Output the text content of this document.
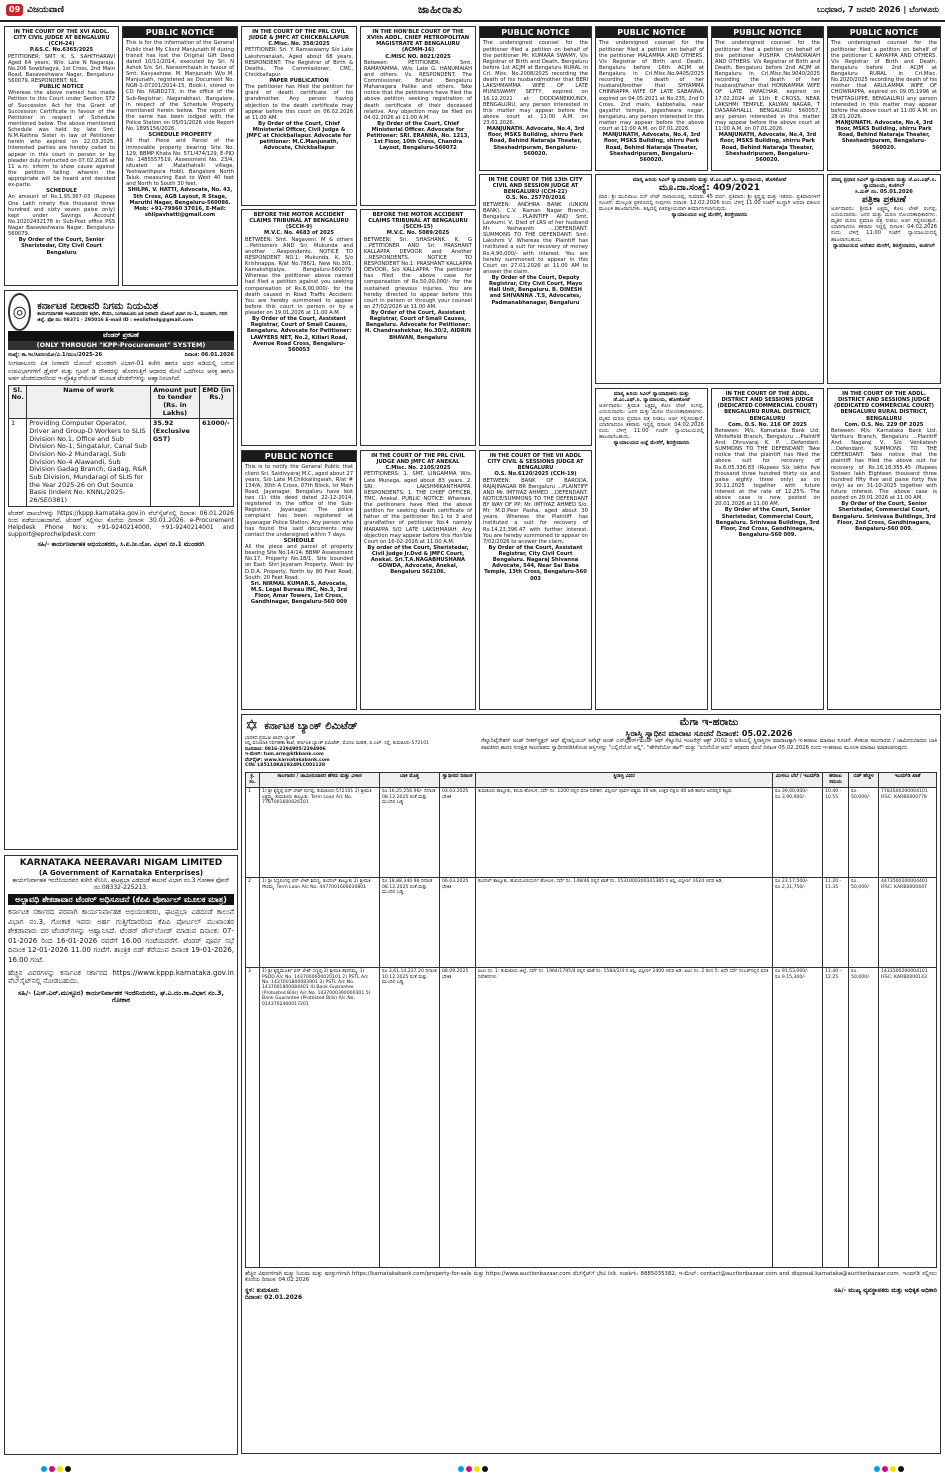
09 ವಿಜಯವಾಣಿ	ಜಾಹೀರಾತು	ಬುಧವಾರ, 7 ಜನವರಿ 2026 | ಬೆಂಗಳೂರು
IN THE COURT OF THE XVI ADDL. CITY CIVIL JUDGE AT BENGALURU (CCH-24)
P.&S.C. No.6365/2025
PETITIONER: SMT. K. S. SAHITHARAVI Aged 64 years, W/o. Late N Nagaraja, No.206 Sowbhagya, 1st Cross, 2nd Main Road, Basaveshwara Nagar, Bengaluru-560079. RESPONDENT: NIL
PUBLIC NOTICE
Whereas the above named has made Petition to this Court under Section 372 of Succession Act for the Grant of Succession Certificate in favour of the Petitioner in respect of Schedule mentioned below. The above mentioned Schedule was held by late Smt. N.M.Rathna Sister in law of Petitioner herein who expired on 22.03.2025. Interested parties are hereby called to appear in this court in person or by pleader duly instructed on 07.02.2026 at 11 a.m. inform to show cause against the petition failing wherein the appropriate will be heard and decided ex-parte.
SCHEDULE
An amount of Rs.1,95,367-03 (Rupees One Lakh ninety five thousand three hundred and sixty seven paise only) kept under Savings Account No.10202432178 in Sub-Post office PSS Nagar Basaveshwara Nagar, Bengaluru-560079.
By Order of the Court, Senior Sheristedar, City Civil Court Bengaluru
PUBLIC NOTICE
This is for the information of the General Public that My Client Manjunath M during transit has lost the Original Gift Deed dated 10/11/2014, executed by Sri. N Ashok S/o. Sri. Narasimhaiah in favour of Smt. Kavyashree. M. Manjunath W/o M. Manjunath, registered as Document No. NGB-1-07201/2014-15, Book-I, stored in CD No. NGBD273, in the office of the Sub-Registrar, Nagarabhavi, Bangalore, in respect of the Schedule Property mentioned herein below. The report of the same has been lodged with the Police Station on 05/01/2026 vide Report No. 1895156/2026.
SCHEDULE PROPERTY
All that Piece and Parcel of the immovable property bearing Site No. 129, BBMP Khata No. 571/474/129, E-PID No. 1485557519, Assessment No. 23/4, situated at Malathahalli village, Yeshwanthpura Hobli, Bangalore North Taluk, measuring East to West 40 feet and North to South 30 feet.
SHILPA. V. HATTI, Advocate, No. 43, 5th Cross, AGB Layout, R Stage, Maruthi Nagar, Bengaluru-560086. Mob: +91-79960 37016, E-Mail: shilpavhatti@gmail.com
IN THE COURT OF THE PRL CIVIL JUDGE & JMFC AT CHICKBALLAPUR
C.Misc. No. 358/2025
PETITIONER: Sri. Y. Ramaswamy S/o Late Lakshmanaiah, Aged about 68 years. RESPONDENT: The Registrar of Birth & Deaths, The Commissioner, CMC, Chickballapur.
PAPER PUBLICATION
The petitioner has filed the petition for grant of death certificate of his grandmother. Any person having objection to the death certificate may appear before this court on 06.02.2026 at 11.00 AM.
By Order of the Court, Chief Ministerial Officer, Civil Judge & JMFC at Chickballapur. Advocate for petitioner: M.C.Manjunath, Advocate, Chickballapur
IN THE HON'BLE COURT OF THE XVIth ADDL. CHIEF METROPOLITAN MAGISTRATE AT BENGALURU (ACMM-16)
C.MISC NO. 8021/2025
Between: PETITIONER: Smt. RAMAYAMMA, W/o. Late G. HANUMAIAH and others. Vs. RESPONDENT: The Commissioner, Bruhat Bengaluru Mahanagara Palike and others. Take notice that the petitioners have filed the above petition seeking registration of death certificate of their deceased relative. Any objection may be filed on 04.02.2026 at 11.00 A.M.
By Order of the Court, Chief Ministerial Officer. Advocate for Petitioner: SRI. ERANNA, No. 1213, 1st Floor, 10th Cross, Chandra Layout, Bengaluru-560072
PUBLIC NOTICE
The undersigned counsel for the petitioner filed a petition on behalf of the petitioner Mr. KUMARA SWAMY, V/s Registrar of Birth and Death, Bengaluru before 1st ACJM at Bengaluru RURAL in Crl. Misc. No.2008/2025 recording the death of his husband/mother that BERI LAKSHMAMMA WIFE OF LATE MUNISWAMY SETTY, expired on 16.12.2021 at DODDANEKKUNDI, BENGALURU, any person interested in this matter may appear before the above court at 11:00 A.M. on 23.01.2026.
MANJUNATH. Advocate, No.4, 3rd floor, MSKS Building, shirru Park Road, Behind Nataraja Theater, Sheshadripuram, Bengaluru-560020.
PUBLIC NOTICE
The undersigned counsel for the petitioner filed a petition on behalf of the petitioner MALAMMA AND OTHERS. V/s Registrar of Birth and Death, Bengaluru before 16th ACJM at Bengaluru in Crl.Misc.No.9405/2025 recording the death of her husband/brother that SHYAMMA CHINNAPPA WIFE OF LATE SABANNA, expired on 04.05.2021 at No.235, 2nd D Cross, 2nd main, kabbehalla, near gayathri temple, jogeshwara nagar, bengaluru, any person interested in this matter may appear before the above court at 11:00 A.M. on 07.01.2026.
MANJUNATH, Advocate, No.4, 3rd floor, MSKS Building, shirru Park Road, Behind Nataraja Theater, Sheshadripuram, Bengaluru-560020.
PUBLIC NOTICE
The undersigned counsel for the petitioner filed a petition on behalf of the petitioner PUSHPA CHANDRAIAH AND OTHERS. V/s Registrar of Birth and Death, Bengaluru before 2nd ACJM at Bengaluru in Crl.Misc.No.9040/2025 recording the death of her husband/father that HONNAMMA WIFE OF LATE PAPACHAR, expired on 17.02.2024 at 11th E CROSS, NEAR LAKSHMI TEMPLE, KALYAN NAGAR, T DASARAHALLI, BENGALURU 560057, any person interested in this matter may appear before the above court at 11:00 A.M. on 07.01.2026.
MANJUNATH, Advocate, No.4, 3rd floor, MSKS Building, shirru Park Road, Behind Nataraja Theater, Sheshadripuram, Bengaluru-560020.
PUBLIC NOTICE
The undersigned counsel for the petitioner filed a petition on behalf of the petitioner C RAYAPPA AND OTHERS. V/s Registrar of Birth and Death, Bengaluru before 2nd ACJM at Bengaluru RURAL in Crl.Misc. No.2020/2025 recording the death of his mother that ARULAMMA WIFE OF CHOWRAPPA, expired on 09.05.1996 at THATTAGUPPE, BENGALURU any person interested in this matter may appear before the above court at 11:00 A.M. on 28.01.2026.
MANJUNATH. Advocate, No.4, 3rd floor, MSKS Building, shirru Park Road, Behind Nataraja Theater, Sheshadripuram, Bengaluru-560020.
BEFORE THE MOTOR ACCIDENT CLAIMS TRIBUNAL AT BENGALURU (SCCH-9)
M.V.C. No. 4683 of 2025
BETWEEN: Smt. Nagaveni. M & others ...Petitioners AND Sri. Mukunda and another ...Respondents. NOTICE TO RESPONDENT NO.1: Mukunda. K, S/o Krishnappa, R/at No.786/1, New No.301, Kamakshipalya, Bengaluru-560079. Whereas the petitioner above named had filed a petition against you seeking compensation of Rs.6,00,000/- for the death caused in Road Traffic Accident. You are hereby summoned to appear before this court in person or by a pleader on 19.01.2026 at 11.00 A.M.
By Order of the Court, Assistant Registrar, Court of Small Causes, Bengaluru. Advocate for Petitioner: LAWYERS NET, No.2, Killari Road, Avenue Road Cross, Bengaluru-560053
BEFORE THE MOTOR ACCIDENT CLAIMS TRIBUNAL AT BENGALURU (SCCH-15)
M.V.C. No. 5089/2025
BETWEEN: Sri. SHASHANK. K. G ...PETITIONER AND Sri. PRASHANT KALLAPPA DEVOOR and Another ...RESPONDENTS. NOTICE TO RESPONDENT No.1: PRASHANT KALLAPPA DEVOOR, S/o KALLAPPA. The petitioner has filed the above case for compensation of Rs.50,00,000/- for the sustained grievous injuries. You are hereby directed to appear before this court in person or through your counsel on 27/02/2026 at 11.00 AM.
By Order of the Court, Assistant Registrar, Court of Small Causes, Bengaluru. Advocate for Petitioner: H. Chandrashekhar, No.30/2, AIDRIN BHAVAN, Bengaluru
IN THE COURT OF THE 13th CITY CIVIL AND SESSION JUDGE AT BENGALURU (CCH-22)
O.S. No. 25770/2016
BETWEEN: ANDHRA BANK (UNION BANK), C.V. Raman Nagar Branch, Bengaluru ...PLAINTIFF AND Smt. Lavkumi. V, Died of LRS of her husband Mr. Yeshwanth ...DEFENDANT. SUMMONS TO THE DEFENDANT: Smt. Lakshmi V. Whereas the Plaintiff has instituted a suit for recovery of money Rs.4,90,000/- with interest. You are hereby summoned to appear in this Court on 27.01.2026 at 11.00 AM to answer the claim.
By Order of the Court, Deputy Registrar, City Civil Court, Mayo Hall Unit, Bengaluru. B. DINESH and SHIVANNA .T.S, Advocates, Padmanabhanagar, Bengaluru
ಮಾನ್ಯ ಹಿರಿಯ ಸಿವಿಲ್ ನ್ಯಾಯಾಧೀಶರು ಮತ್ತು ಜೆ.ಎಂ.ಎಫ್.ಸಿ. ನ್ಯಾಯಾಲಯ, ಹೊಸಕೋಟೆ
ಮೂ.ದಾ.ಸಂಖ್ಯೆ: 409/2021
ವಾದಿ: ಶ್ರೀ ಮುನಿರಾಜು ಬಿನ್ ಲೇಟ್ ನಾರಾಯಣಪ್ಪ, ಸುಮಾರು 45 ವರ್ಷ. ಪ್ರತಿವಾದಿ: ಶ್ರೀ ಕೃಷ್ಣಪ್ಪ ಮತ್ತು ಇತರರು. ಪ್ರತಿವಾದಿಗಳಿಗೆ ಸೂಚನೆ: ಮೇಲ್ಕಂಡ ಪ್ರಕರಣದಲ್ಲಿ ನೀವುಗಳು ದಿನಾಂಕ: 12.02.2026 ರಂದು ಬೆಳಿಗ್ಗೆ 11.00 ಗಂಟೆಗೆ ಖುದ್ದಾಗಿ ಅಥವಾ ವಕೀಲರ ಮೂಲಕ ಹಾಜರಾಗಬೇಕು. ತಪ್ಪಿದಲ್ಲಿ ಏಕಪಕ್ಷೀಯವಾಗಿ ತೀರ್ಮಾನಿಸಲಾಗುವುದು.
ನ್ಯಾಯಾಲಯದ ಆಜ್ಞೆ ಮೇರೆಗೆ, ಶಿರಸ್ತೇದಾರರು
ಮಾನ್ಯ ಪ್ರಧಾನ ಸಿವಿಲ್ ನ್ಯಾಯಾಧೀಶರು ಮತ್ತು ಜೆ.ಎಂ.ಎಫ್.ಸಿ. ನ್ಯಾಯಾಲಯ, ಕುಣಿಗಲ್
ಸಿ.ಮಿಸ್ ನಂ. 05.01.2026
ಪತ್ರಿಕಾ ಪ್ರಕಟಣೆ
ಅರ್ಜಿದಾರರು: ಶ್ರೀಮತಿ ಲಕ್ಷ್ಮಮ್ಮ ಕೋಂ ಲೇಟ್ ರಂಗಪ್ಪ. ಎದುರುದಾರರು: ಜನನ ಮತ್ತು ಮರಣ ನೋಂದಣಾಧಿಕಾರಿಗಳು. ಮೃತರ ಮರಣ ಪ್ರಮಾಣ ಪತ್ರ ನೀಡಲು ಅರ್ಜಿ ಸಲ್ಲಿಸಿರುತ್ತಾರೆ. ಯಾರಿಗಾದರೂ ತಕರಾರು ಇದ್ದಲ್ಲಿ ದಿನಾಂಕ: 04.02.2026 ರಂದು ಬೆಳಿಗ್ಗೆ 11.00 ಗಂಟೆಗೆ ನ್ಯಾಯಾಲಯದಲ್ಲಿ ಹಾಜರಾಗಬಹುದು.
ನ್ಯಾಯಾಲಯದ ಆದೇಶದ ಮೇರೆಗೆ, ಶಿರಸ್ತೇದಾರರು, ಕುಣಿಗಲ್
◎	ಕರ್ನಾಟಕ ನೀರಾವರಿ ನಿಗಮ ನಿಯಮಿತ
ಕಾರ್ಯನಿರ್ವಾಹಕ ಇಂಜಿನಿಯರವರ ಕಛೇರಿ, ಕೆನಿನಿನಿ, ಸಿಂಗಟಾಲೂರು ಏತ ನೀರಾವರಿ ಯೋಜನೆ ವಿಭಾಗ ನಂ-1, ಮುಂಡರಗಿ, ಗದಗ ಜಿಲ್ಲೆ. ಫೋ ನಂ: 08371 - 295016 E-mail ID : eeslisfmdg@gmail.com
ಟೆಂಡರ್ ಪ್ರಕಟಣೆ
(ONLY THROUGH "KPP-Procurement" SYSTEM)
ಸಂಖ್ಯೆ: ಕಾ.ಇಂ/ಸಿಏನೀಯೋ/ವಿ.1/ಮುಂ/2025-26	ದಿನಾಂಕ: 06.01.2026
ಸಿಂಗಟಾಲೂರು ಏತ ನೀರಾವರಿ ಯೋಜನೆ ಮುಂಡರಗಿ ವಿಭಾಗ-01 ಕಚೇರಿ ಹಾಗೂ ಅದರ ಅಡಿಯಲ್ಲಿ ಬರುವ ಉಪವಿಭಾಗಗಳಿಗೆ ಡ್ರೈವರ್ ಮತ್ತು ಗ್ರೂಪ್ ಡಿ ನೌಕರರನ್ನು ಹೊರಗುತ್ತಿಗೆ ಆಧಾರದ ಮೇಲೆ ಒದಗಿಸಲು ಆಸಕ್ತ ಹಾಗೂ ಅರ್ಹ ಟೆಂಡರುದಾರರಿಂದ ಇ-ಪ್ರೊಕ್ಯೂರ್‌ಮೆಂಟ್ ಮೂಲಕ ಟೆಂಡರ್‌ಗಳನ್ನು ಆಹ್ವಾನಿಸಲಾಗಿದೆ.
Sl. No.	Name of work	Amount put to tender (Rs. in Lakhs)	EMD (in Rs.)
1	Providing Computer Operator, Driver and Group-D Workers to SLIS Division No.1, Office and Sub Division No-1, Singatalur, Canal Sub Division No-2 Mundaragi, Sub Division No-4 Alawandi, Sub Division Gadag Branch, Gadag, R&R Sub Division, Mundaragi of SLIS for the Year 2025-26 on Out Source Basis (Indent No. KNNL/2025-26/SE0381)	35.92 (Exclusive GST)	61000/-
ಟೆಂಡರ್ ದಾಖಲೆಗಳನ್ನು https://kppp.karnataka.gov.in ವೆಬ್‌ಸೈಟ್‌ನಲ್ಲಿ ದಿನಾಂಕ: 06.01.2026 ರಿಂದ ಪಡೆಯಬಹುದಾಗಿದೆ. ಟೆಂಡರ್ ಸಲ್ಲಿಸಲು ಕೊನೆಯ ದಿನಾಂಕ: 30.01.2026. e-Procurement Helpdesk Phone No's: +91-9240214000, +91-9240214001 and support@eprochelpdesk.com
ಸಹಿ/- ಕಾರ್ಯನಿರ್ವಾಹಕ ಅಭಿಯಂತರರು, ಸಿ.ಏ.ನೀ.ಯೋ. ವಿಭಾಗ ನಂ.1 ಮುಂಡರಗಿ
KARNATAKA NEERAVARI NIGAM LIMITED
(A Government of Karnataka Enterprises)
ಕಾರ್ಯನಿರ್ವಾಹಕ ಇಂಜಿನಿಯರವರ ಕಚೇರಿ ಕೆನಿನಿನಿ, ಘಟಪ್ರಭಾ ಎಡದಂಡೆ ಕಾಲುವೆ ವಿಭಾಗ ನಂ.3 ಗೋಕಾಕ ಫೋನ್ ನಂ.08332-225213.
ಅಲ್ಪಾವಧಿ ಶೇಕಡಾವಾರ ಟೆಂಡರ್ ಅಧಿಸೂಚನೆ (ಕೆಪಿಪಿ ಪೋರ್ಟಲ್ ಮೂಲಕ ಮಾತ್ರ)
ಕರ್ನಾಟಕ ಸರ್ಕಾರದ ಪರವಾಗಿ ಕಾರ್ಯನಿರ್ವಾಹಕ ಅಭಿಯಂತರರು, ಘಟಪ್ರಭಾ ಎಡದಂಡೆ ಕಾಲುವೆ ವಿಭಾಗ ನಂ.3, ಗೋಕಾಕ ಇವರು ಅರ್ಹ ಗುತ್ತಿಗೆದಾರರಿಂದ ಕೆಪಿಪಿ ಪೋರ್ಟಲ್ ಮುಖಾಂತರ ಶೇಕಡಾವಾರು ದರ ಟೆಂಡರ್‌ಗಳನ್ನು ಆಹ್ವಾನಿಸಿದೆ. ಟೆಂಡರ್ ಡೌನ್‌ಲೋಡ್ ಮಾಡುವ ದಿನಾಂಕ: 07-01-2026 ರಿಂದ 16-01-2026 ರವರೆಗೆ 16.00 ಗಂಟೆಯವರೆಗೆ. ಟೆಂಡರ್ ಪೂರ್ವ ಸಭೆ ದಿನಾಂಕ 12-01-2026 11.00 ಗಂಟೆಗೆ. ತಾಂತ್ರಿಕ ಬಿಡ್ ತೆರೆಯುವ ದಿನಾಂಕ 19-01-2026, 16.00 ಗಂಟೆ.
ಹೆಚ್ಚಿನ ವಿವರಗಳನ್ನು ಕರ್ನಾಟಕ ಸರ್ಕಾರದ https://www.kppp.karnataka.gov.in ವೆಬ್‌ಸೈಟ್‌ನಲ್ಲಿ ನೋಡಬಹುದು.
ಸಹಿ/- (ಎಸ್.ಎನ್.ಮುಳ್ಳೂರ) ಕಾರ್ಯನಿರ್ವಾಹಕ ಇಂಜಿನಿಯರರು, ಘ.ಎ.ದಂ.ಕಾ.ವಿಭಾಗ ನಂ.3, ಗೋಕಾಕ
PUBLIC NOTICE
This is to notify the General Public that client Sri. Saidivyaraj M.C, aged about 27 years, S/o Late M.Chikkalingaiah, R/at # 134/A, 30th A Cross, 07th Block, Ist Main Road, Jayanagar, Bengaluru have lost two (1) title deed dated 22-12-2014, registered in the office of the Sub-Registrar, Jayanagar. The police complaint has been registered at Jayanagar Police Station. Any person who has found the said documents may contact the undersigned within 7 days.
SCHEDULE
All the piece and parcel of property bearing Site No.14/14, BBMP Assessment No.17, Property No.18/1, Site bounded on East: Shri Jeyaram Property, West: by D.D.A. Property, North by 80 Feet Road, South: 20 Feet Road.
Sri. NIRMAL KUMAR.S, Advocate, M.S. Legal Bureau INC, No.3, 3rd Floor, Amar Towers, 1st Cross, Gandhinagar, Bengaluru-560 009
IN THE COURT OF THE PRL CIVIL JUDGE AND JMFC AT ANEKAL
C.Misc. No. 2105/2025
PETITIONERS: 1. SMT. LINGAMMA W/o. Late Munega, aged about 83 years. 2. SRI. LAKSHMIKANTHAPPA. RESPONDENTS: 1. THE CHIEF OFFICER, TMC, Anekal. PUBLIC NOTICE: Whereas, the petitioners have filed the above petition for seeking death certificate of father of the petitioner No.1 to 3 and grandfather of petitioner No.4 namely MARAPPA S/O LATE LAKSHMAIAH. Any objection may appear before this Hon'ble Court on 16-02-2026 at 11:00 A.M.
By order of the Court, Sheristedar, Civil Judge Jr.Dvd & JMFC Court, Anekal. Sri.T.A.NAGABHUSHANA GOWDA, Advocate, Anekal, Bengaluru 562106.
IN THE COURT OF THE VII ADDL CITY CIVIL & SESSIONS JUDGE AT BENGALURU
O.S. No.6120/2025 (CCH-19)
BETWEEN: BANK OF BARODA, RAJAJINAGAR BR Bengaluru ...PLAINTIFF AND Mr. IMTIYAZ AHMED ...DEFENDANT. NOTICE/SUMMONS TO THE DEFENDANT BY WAY OF PP: Mr. IMTIYAZ AHMED S/o. Mr. M.D.Peer Pasha, aged about 30 years. Whereas the Plaintiff has instituted a suit for recovery of Rs.14,23,396.47 with further interest. You are hereby summoned to appear on 7/02/2026 to answer the claim.
By Order of the Court, Assistant Registrar, City Civil Court Bengaluru. Nagaraj Shivanna Advocate, 544, Near Sai Baba Temple, 13th Cross, Bengaluru-560 003
IN THE COURT OF THE ADDL. DISTRICT AND SESSIONS JUDGE (DEDICATED COMMERCIAL COURT) BENGALURU RURAL DISTRICT, BENGALURU
Com. O.S. No. 216 OF 2025
Between: M/s. Karnataka Bank Ltd, Whitefield Branch, Bengaluru ...Plaintiff And: Dhruvaraj K. P. ...Defendant. SUMMONS TO THE DEFENDANT: Take notice that the plaintiff has filed the above suit for recovery of Rs.6,05,336.83 (Rupees Six lakhs five thousand three hundred thirty six and paise eighty three only) as on 30.11.2025 together with future interest at the rate of 12.25%. The above case is now posted on 20.01.2026 at 11.00 AM.
By Order of the Court, Senior Sheristedar, Commercial Court, Bengaluru. Srinivasa Buildings, 3rd Floor, 2nd Cross, Gandhinagara, Bengaluru-560 009.
IN THE COURT OF THE ADDL. DISTRICT AND SESSIONS JUDGE (DEDICATED COMMERCIAL COURT) BENGALURU RURAL DISTRICT, BENGALURU
Com. O.S. No. 229 OF 2025
Between: M/s. Karnataka Bank Ltd, Varthuru Branch, Bengaluru ...Plaintiff And: Nagaraj V, S/o Venkatesh ...Defendant. SUMMONS TO THE DEFENDANT: Take notice that the plaintiff has filed the above suit for recovery of Rs.16,18,355.45 (Rupees Sixteen lakh Eighteen thousand three hundred fifty five and paise forty five only) as on 31-10-2025 together with future interest. The above case is posted on 20.01.2026 at 11.00 AM.
By Order of the Court, Senior Sheristedar, Commercial Court, Bengaluru. Srinivasa Buildings, 3rd Floor, 2nd Cross, Gandhinagara, Bengaluru-560 009.
ಮಾನ್ಯ ಹಿರಿಯ ಸಿವಿಲ್ ನ್ಯಾಯಾಧೀಶರು ಮತ್ತು ಜೆ.ಎಂ.ಎಫ್.ಸಿ. ನ್ಯಾಯಾಲಯ, ಹೊಸಕೋಟೆ
ಅರ್ಜಿದಾರರು: ಶ್ರೀಮತಿ ಲಕ್ಷ್ಮಮ್ಮ ಕೋಂ ಲೇಟ್ ರಂಗಪ್ಪ. ಎದುರುದಾರರು: ಜನನ ಮತ್ತು ಮರಣ ನೋಂದಣಾಧಿಕಾರಿಗಳು. ಮೃತರ ಮರಣ ಪ್ರಮಾಣ ಪತ್ರ ನೀಡಲು ಅರ್ಜಿ ಸಲ್ಲಿಸಿರುತ್ತಾರೆ. ಯಾರಿಗಾದರೂ ತಕರಾರು ಇದ್ದಲ್ಲಿ ದಿನಾಂಕ: 04.02.2026 ರಂದು ಬೆಳಿಗ್ಗೆ 11.00 ಗಂಟೆಗೆ ನ್ಯಾಯಾಲಯದಲ್ಲಿ ಹಾಜರಾಗಬಹುದು.
ನ್ಯಾಯಾಲಯದ ಆಜ್ಞೆ ಮೇರೆಗೆ, ಶಿರಸ್ತೇದಾರರು
✡ ಕರ್ನಾಟಕ ಬ್ಯಾಂಕ್ ಲಿಮಿಟೆಡ್
ಭಾರತದ ಪ್ರಮುಖ ಖಾಸಗಿ ಬ್ಯಾಂಕ್
ಆಸ್ತಿ ವಸೂಲಾತಿ ನಿರ್ವಹಣಾ ಶಾಖೆ, ಕರ್ನಾಟಕ ಬ್ಯಾಂಕ್ ಲಿಮಿಟೆಡ್, ಮೊದಲ ಮಹಡಿ, ಬಿ.ಎಚ್. ರಸ್ತೆ, ತುಮಕೂರು-572101
ದೂರವಾಣಿ: 0816-2294905/2294906
ಇ-ಮೇಲ್: tum.arm@ktkbank.com
ವೆಬ್‌ಸೈಟ್: www.karnatakabank.com
CIN: L85110KA1924PLC001128
ಮೆಗಾ ಇ-ಹರಾಜು
ಸ್ಥಿರಾಸ್ತಿ ಸ್ವಾಧೀನ ಮಾರಾಟ ಸೂಚನೆ ದಿನಾಂಕ: 05.02.2026
ಸೆಕ್ಯೂರಿಟೈಸೇಶನ್ ಅಂಡ್ ರೀಕನ್‌ಸ್ಟ್ರಕ್ಷನ್ ಆಫ್ ಫೈನಾನ್ಷಿಯಲ್ ಅಸೆಟ್ಸ್ ಅಂಡ್ ಎನ್‌ಫೋರ್ಸ್‌ಮೆಂಟ್ ಆಫ್ ಸೆಕ್ಯೂರಿಟಿ ಇಂಟರೆಸ್ಟ್ ಆಕ್ಟ್ 2002 ರ ಅಡಿಯಲ್ಲಿ ಸ್ಥಿರಾಸ್ತಿಗಳ ಮಾರಾಟಕ್ಕಾಗಿ ಇ-ಹರಾಜು ಮಾರಾಟ ಸೂಚನೆ. ಕೆಳಕಂಡ ಸಾಲಗಾರರು / ಜಾಮೀನುದಾರರು ಬಾಕಿ ಪಾವತಿಸದ ಕಾರಣ ಸುರಕ್ಷಿತ ಸಾಲದಾತರು ಸ್ವಾಧೀನಪಡಿಸಿಕೊಂಡ ಆಸ್ತಿಗಳನ್ನು "ಎಲ್ಲಿದೆಯೋ ಅಲ್ಲಿ", "ಹೇಗಿದೆಯೋ ಹಾಗೆ" ಮತ್ತು "ಏನಿದೆಯೋ ಅದು" ಆಧಾರದ ಮೇಲೆ ದಿನಾಂಕ 05.02.2026 ರಂದು ಇ-ಹರಾಜು ಮೂಲಕ ಮಾರಾಟ ಮಾಡಲಾಗುವುದು.
ಕ್ರ. ಸಂ.	ಸಾಲಗಾರರ / ಜಾಮೀನುದಾರರ ಹೆಸರು ಮತ್ತು ವಿಳಾಸ	ಬಾಕಿ ಮೊತ್ತ	ಸ್ವಾಧೀನದ ದಿನಾಂಕ	ಸ್ಥಿರಾಸ್ತಿ ವಿವರ	ಮೀಸಲು ಬೆಲೆ / ಇಎಮ್‌ಡಿ	ಹರಾಜು ಸಮಯ	ಬಿಡ್ ಹೆಚ್ಚಳ	ಇಎಮ್‌ಡಿ ಖಾತೆ
1	1) ಶ್ರೀ ಕೃಷ್ಣಪ್ಪ ಬಿನ್ ಲೇಟ್ ರಂಗಪ್ಪ, ತುಮಕೂರು-572101 2) ಶ್ರೀಮತಿ ಲಕ್ಷ್ಮಮ್ಮ, ತುಮಕೂರು ತಾಲ್ಲೂಕು. Term Loan A/c No. 7787001600026101	ರೂ.16,25,256.96/- ದಿನಾಂಕ 08.12.2025 ರಂತೆ ಮತ್ತು ಮುಂದಿನ ಬಡ್ಡಿ	03.03.2025 ಭೌತಿಕ	ತುಮಕೂರು ತಾಲ್ಲೂಕು, ಕಸಬಾ ಹೋಬಳಿ, ಸರ್ವೆ ನಂ. 1200 ರಲ್ಲಿನ ವಸತಿ ನಿವೇಶನ, ವಿಸ್ತೀರ್ಣ ಪೂರ್ವ-ಪಶ್ಚಿಮ 30 ಅಡಿ, ಉತ್ತರ-ದಕ್ಷಿಣ 40 ಅಡಿ ಹಾಗೂ ಅದರಲ್ಲಿನ ಕಟ್ಟಡ.	ರೂ.39,00,000/- ರೂ.3,90,000/-	10.40 - 10.55	ರೂ. 50,000/-	7783500200004101 IFSC: KARB0000778
2	1) ಶ್ರೀ ಸಿದ್ದಲಿಂಗಪ್ಪ ಬಿನ್ ಲೇಟ್ ಶಿವಣ್ಣ, ಕುಣಿಗಲ್ ತಾಲ್ಲೂಕು 2) ಶ್ರೀಮತಿ ಗೌರಮ್ಮ. Term Loan A/c No. 4477001600030801	ರೂ.18,88,340.96 ದಿನಾಂಕ 08.12.2025 ರಂತೆ ಮತ್ತು ಮುಂದಿನ ಬಡ್ಡಿ	06.03.2025 ಭೌತಿಕ	ಕುಣಿಗಲ್ ತಾಲ್ಲೂಕು, ಹುಲಿಯೂರುದುರ್ಗ ಹೋಬಳಿ, ಸರ್ವೆ ನಂ. 148/46 ರಲ್ಲಿನ ಖಾತೆ ನಂ. 1531000200341385 ರ ಆಸ್ತಿ, ವಿಸ್ತೀರ್ಣ 1624 ಚದರ ಅಡಿ.	ರೂ.23,17,500/- ರೂ.2,31,750/-	11.20 - 11.35	ರೂ. 50,000/-	4473500200004401 IFSC: KARB0000447
3	1) ಶ್ರೀ ಕೃಷ್ಣಮೂರ್ತಿ ಬಿನ್ ಲೇಟ್ ಸಣ್ಣಪ್ಪ 2) ಶ್ರೀಮತಿ ಶಾರದಮ್ಮ. 1) PSOD A/c No. 1437000600020101 2) PSTL A/c No. 1437001800083901 3) PSTL A/c No. 1437001800084401 4) Bank Guarantee (Protested Bills) A/c No. 1437000390000301 5) Bank Guarantee (Protested Bills) A/c No. 0143702400017201	ರೂ.3,61,14,237.20 ದಿನಾಂಕ 10.12.2025 ರಂತೆ ಮತ್ತು ಮುಂದಿನ ಬಡ್ಡಿ	08.09.2025 ಭೌತಿಕ	ಐಟಂ ನಂ. 1: ತುಮಕೂರು ಜಿಲ್ಲೆ, ಸರ್ವೆ ನಂ. 1964/1795/4 ರಲ್ಲಿನ ಖಾತೆ ನಂ. 1584/2/4 ರ ಆಸ್ತಿ, ವಿಸ್ತೀರ್ಣ 2400 ಚದರ ಅಡಿ. ಐಟಂ ನಂ. 2 ರಿಂದ 5: ಅದೇ ಸರ್ವೆ ನಂಬರ್‌ನಲ್ಲಿನ ವಸತಿ ನಿವೇಶನಗಳು.	ರೂ.91,53,000/- ರೂ.9,15,300/-	11.40 - 12.25	ರೂ. 50,000/-	1433500200004101 IFSC: KARB0000143
ಹೆಚ್ಚಿನ ವಿವರಗಳಿಗಾಗಿ ಮತ್ತು ನಿಯಮ ಮತ್ತು ಷರತ್ತುಗಳಿಗಾಗಿ https://karnatakabank.com/property-for-sale ಮತ್ತು https://www.auctionbazaar.com ವೆಬ್‌ಸೈಟ್‌ಗೆ ಭೇಟಿ ನೀಡಿ. ಸಂಪರ್ಕಿಸಿ: 8885035382, ಇ-ಮೇಲ್: contact@auctionbazaar.com and disposal.karnataka@auctionbazaar.com. ಇಎಮ್‌ಡಿ ಸಲ್ಲಿಸಲು ಕೊನೆಯ ದಿನಾಂಕ: 04.02.2026
ಸ್ಥಳ: ತುಮಕೂರು
ದಿನಾಂಕ: 02.01.2026
ಸಹಿ/- ಮುಖ್ಯ ವ್ಯವಸ್ಥಾಪಕರು ಮತ್ತು ಅಧಿಕೃತ ಅಧಿಕಾರಿ
